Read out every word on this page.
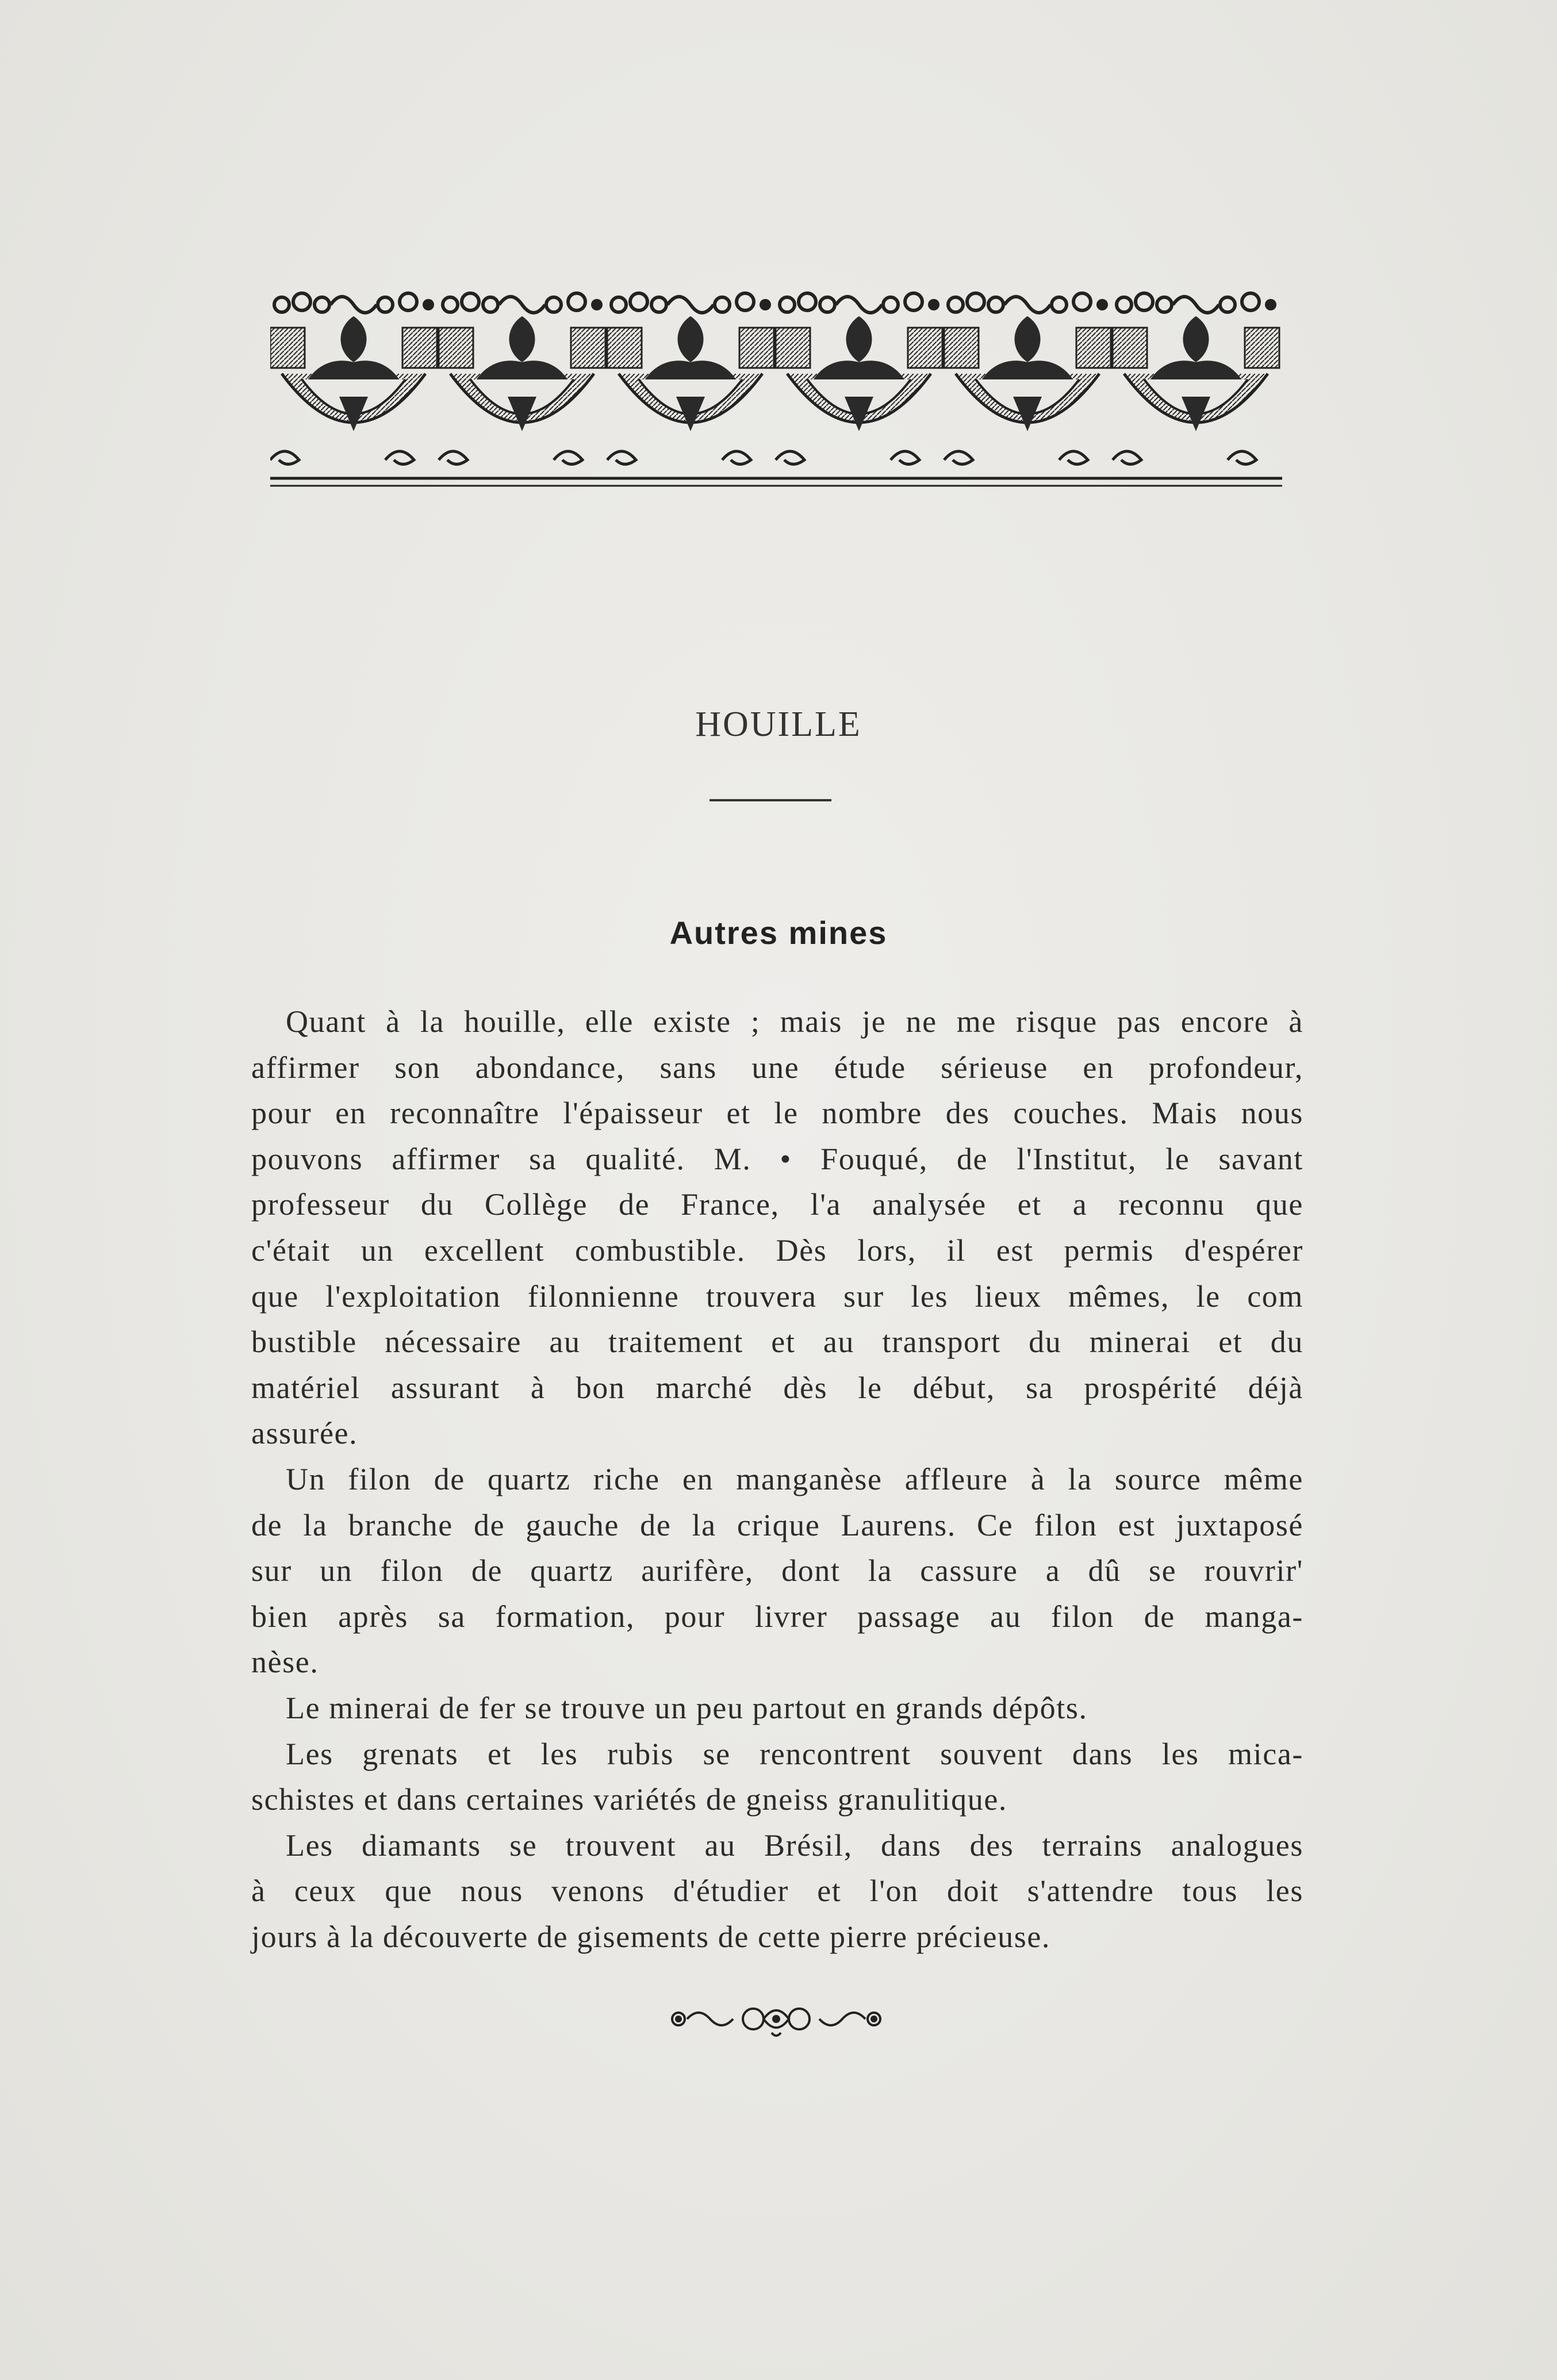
HOUILLE
Autres mines

Quant à la houille, elle existe ; mais je ne me risque pas encore à
affirmer son abondance, sans une étude sérieuse en profondeur,
pour en reconnaître l'épaisseur et le nombre des couches. Mais nous
pouvons affirmer sa qualité. M. • Fouqué, de l'Institut, le savant
professeur du Collège de France, l'a analysée et a reconnu que
c'était un excellent combustible. Dès lors, il est permis d'espérer
que l'exploitation filonnienne trouvera sur les lieux mêmes, le com
bustible nécessaire au traitement et au transport du minerai et du
matériel assurant à bon marché dès le début, sa prospérité déjà
assurée.

Un filon de quartz riche en manganèse affleure à la source même
de la branche de gauche de la crique Laurens. Ce filon est juxtaposé
sur un filon de quartz aurifère, dont la cassure a dû se rouvrir'
bien après sa formation, pour livrer passage au filon de manga-
nèse.

Le minerai de fer se trouve un peu partout en grands dépôts.

Les grenats et les rubis se rencontrent souvent dans les mica-
schistes et dans certaines variétés de gneiss granulitique.

Les diamants se trouvent au Brésil, dans des terrains analogues
à ceux que nous venons d'étudier et l'on doit s'attendre tous les
jours à la découverte de gisements de cette pierre précieuse.
